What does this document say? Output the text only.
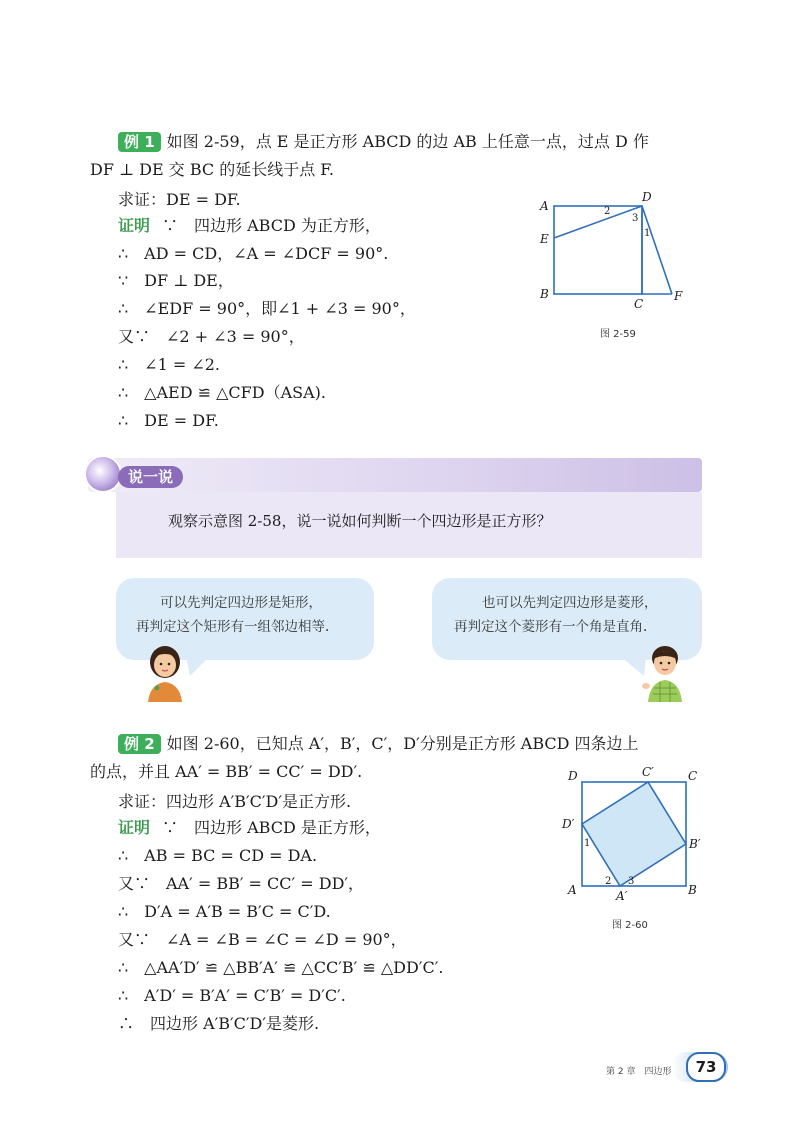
例 1 如图 2-59，点 E 是正方形 ABCD 的边 AB 上任意一点，过点 D 作
DF ⊥ DE 交 BC 的延长线于点 F.
求证：DE = DF.
证明 ∵　四边形 ABCD 为正方形，
∴　AD = CD，∠A = ∠DCF = 90°.
∵　DF ⊥ DE，
∴　∠EDF = 90°，即∠1 + ∠3 = 90°，
又∵　∠2 + ∠3 = 90°，
∴　∠1 = ∠2.
∴　△AED ≌ △CFD（ASA).
∴　DE = DF.
A
E
B
D
C
F
1
2
3
图 2-59
说一说
观察示意图 2-58，说一说如何判断一个四边形是正方形？
可以先判定四边形是矩形，
再判定这个矩形有一组邻边相等.
也可以先判定四边形是菱形，
再判定这个菱形有一个角是直角.
例 2 如图 2-60，已知点 A′，B′，C′，D′分别是正方形 ABCD 四条边上
的点，并且 AA′ = BB′ = CC′ = DD′.
求证：四边形 A′B′C′D′是正方形.
证明 ∵　四边形 ABCD 是正方形，
∴　AB = BC = CD = DA.
又∵　AA′ = BB′ = CC′ = DD′，
∴　D′A = A′B = B′C = C′D.
又∵　∠A = ∠B = ∠C = ∠D = 90°，
∴　△AA′D′ ≌ △BB′A′ ≌ △CC′B′ ≌ △DD′C′.
∴　A′D′ = B′A′ = C′B′ = D′C′.
∴　四边形 A′B′C′D′是菱形.
D	C′	C
D′
B′
A	A′	B
1
2 3
图 2-60
第 2 章　四边形	73
